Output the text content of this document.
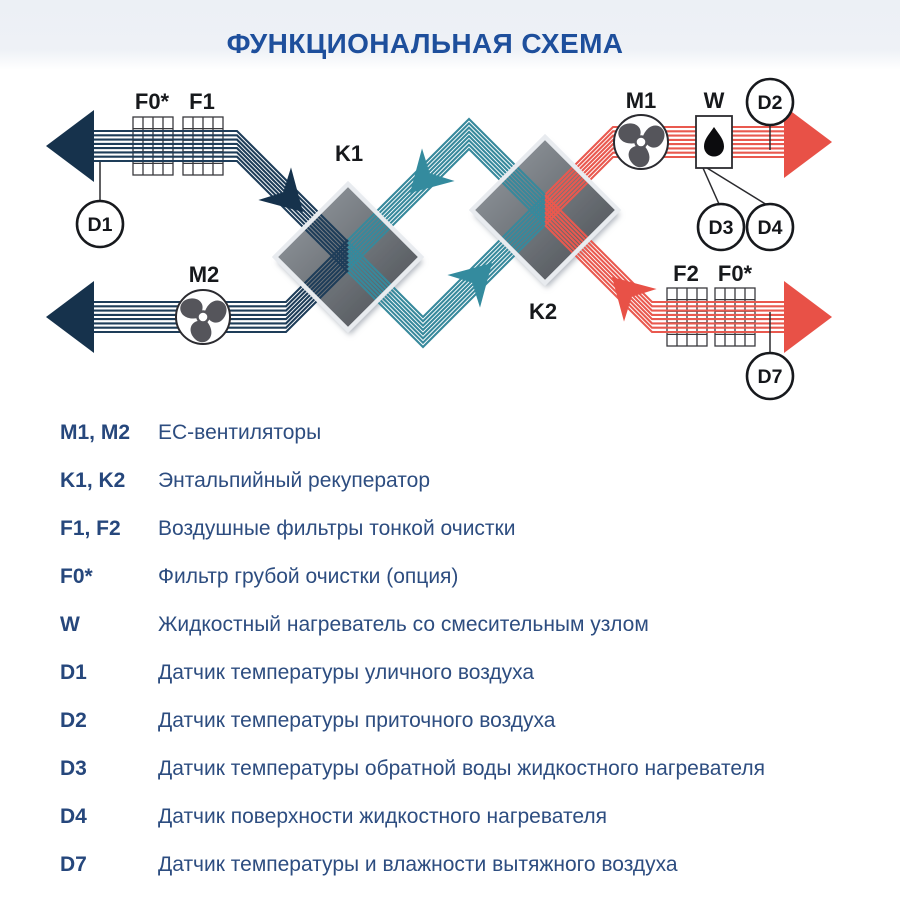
ФУНКЦИОНАЛЬНАЯ СХЕМА
D1
D2
D3 D4
D7
F0* F1
K1
M2
M1 W
K2
F2 F0*
M1, M2	ЕС-вентиляторы
K1, K2	Энтальпийный рекуператор
F1, F2	Воздушные фильтры тонкой очистки
F0*	Фильтр грубой очистки (опция)
W	Жидкостный нагреватель со смесительным узлом
D1	Датчик температуры уличного воздуха
D2	Датчик температуры приточного воздуха
D3	Датчик температуры обратной воды жидкостного нагревателя
D4	Датчик поверхности жидкостного нагревателя
D7	Датчик температуры и влажности вытяжного воздуха
